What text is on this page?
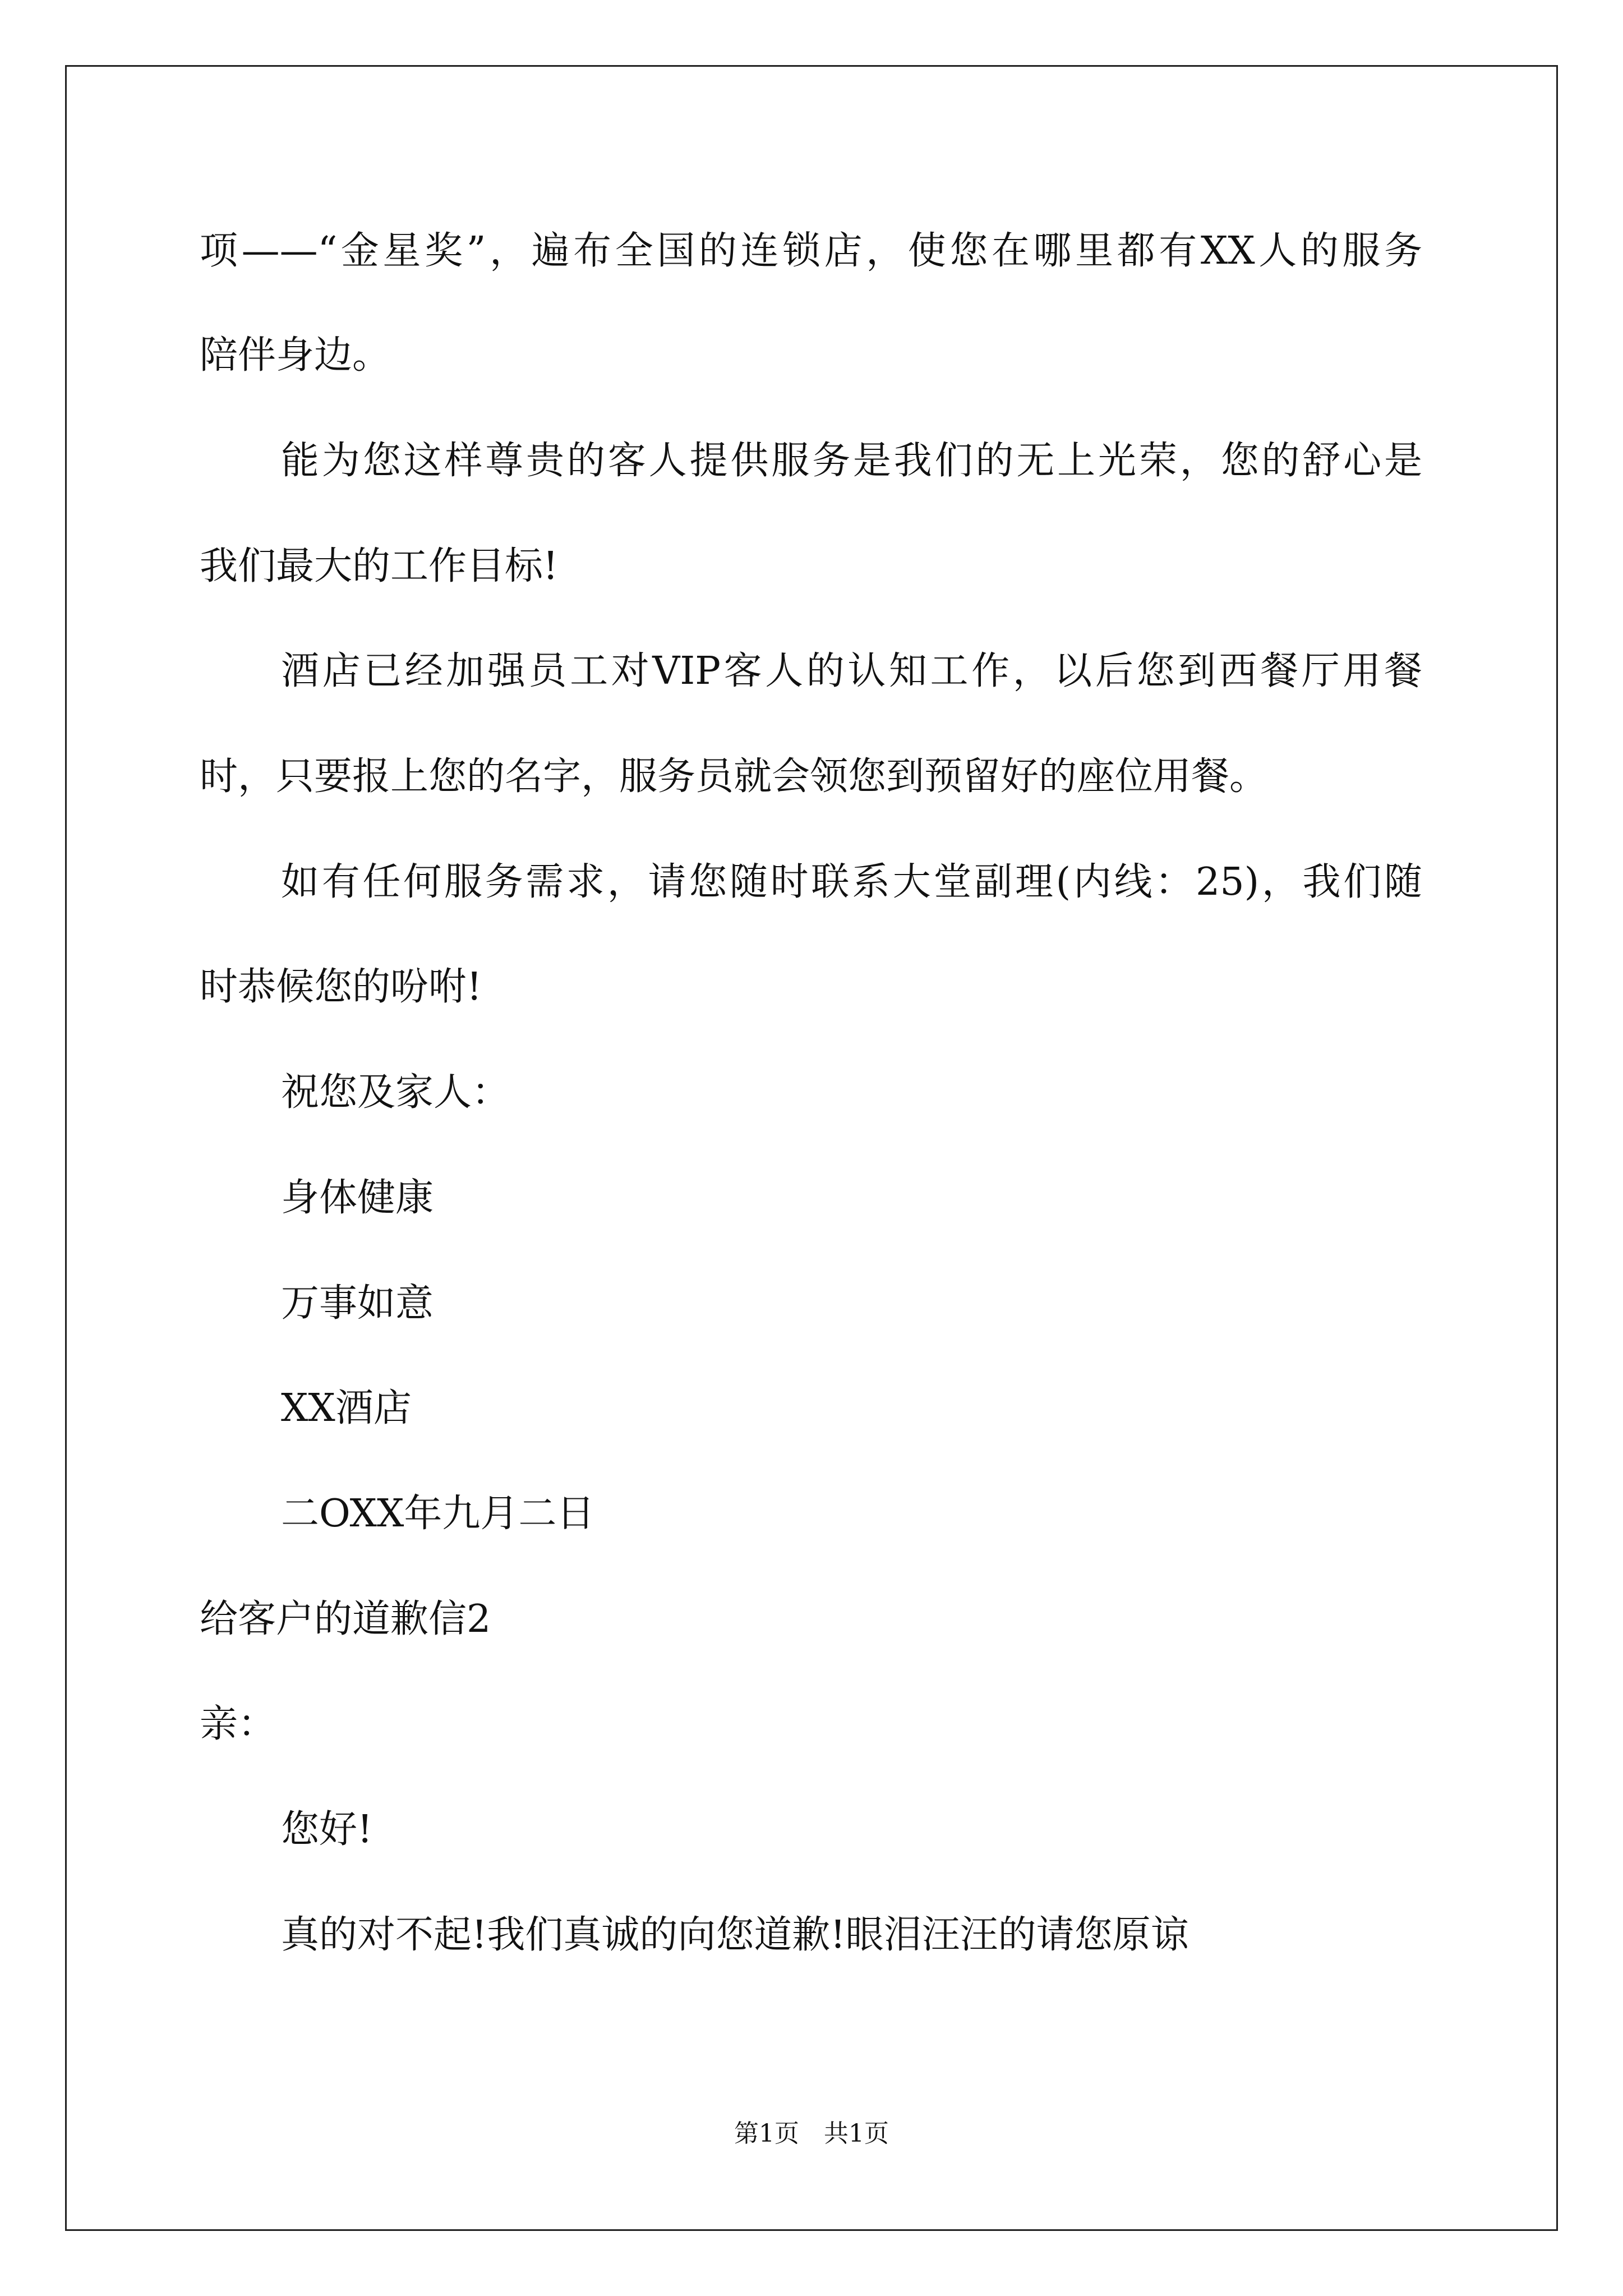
项——“金星奖”，遍布全国的连锁店，使您在哪里都有XX人的服务
陪伴身边。
能为您这样尊贵的客人提供服务是我们的无上光荣，您的舒心是
我们最大的工作目标!
酒店已经加强员工对VIP客人的认知工作，以后您到西餐厅用餐
时，只要报上您的名字，服务员就会领您到预留好的座位用餐。
如有任何服务需求，请您随时联系大堂副理(内线：25)，我们随
时恭候您的吩咐!
祝您及家人：
身体健康
万事如意
XX酒店
二OXX年九月二日
给客户的道歉信2
亲：
您好!
真的对不起!我们真诚的向您道歉!眼泪汪汪的请您原谅
第1页　共1页
